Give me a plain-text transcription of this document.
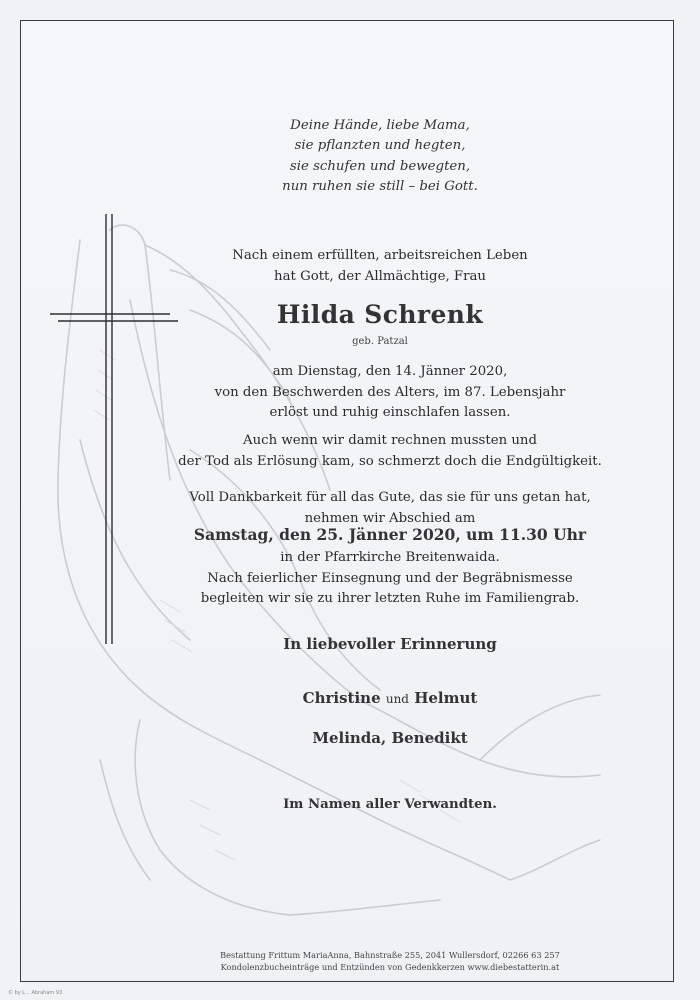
Deine Hände, liebe Mama,
sie pflanzten und hegten,
sie schufen und bewegten,
nun ruhen sie still – bei Gott.
Nach einem erfüllten, arbeitsreichen Leben
hat Gott, der Allmächtige, Frau
Hilda Schrenk
geb. Patzal
am Dienstag, den 14. Jänner 2020,
von den Beschwerden des Alters, im 87. Lebensjahr
erlöst und ruhig einschlafen lassen.
Auch wenn wir damit rechnen mussten und
der Tod als Erlösung kam, so schmerzt doch die Endgültigkeit.
Voll Dankbarkeit für all das Gute, das sie für uns getan hat,
nehmen wir Abschied am
Samstag, den 25. Jänner 2020, um 11.30 Uhr
in der Pfarrkirche Breitenwaida.
Nach feierlicher Einsegnung und der Begräbnismesse
begleiten wir sie zu ihrer letzten Ruhe im Familiengrab.
In liebevoller Erinnerung
Christine und Helmut
Melinda, Benedikt
Im Namen aller Verwandten.
Bestattung Frittum MariaAnna, Bahnstraße 255, 2041 Wullersdorf, 02266 63 257
Kondolenzbucheinträge und Entzünden von Gedenkkerzen www.diebestatterin.at
© by L... Abraham 93
